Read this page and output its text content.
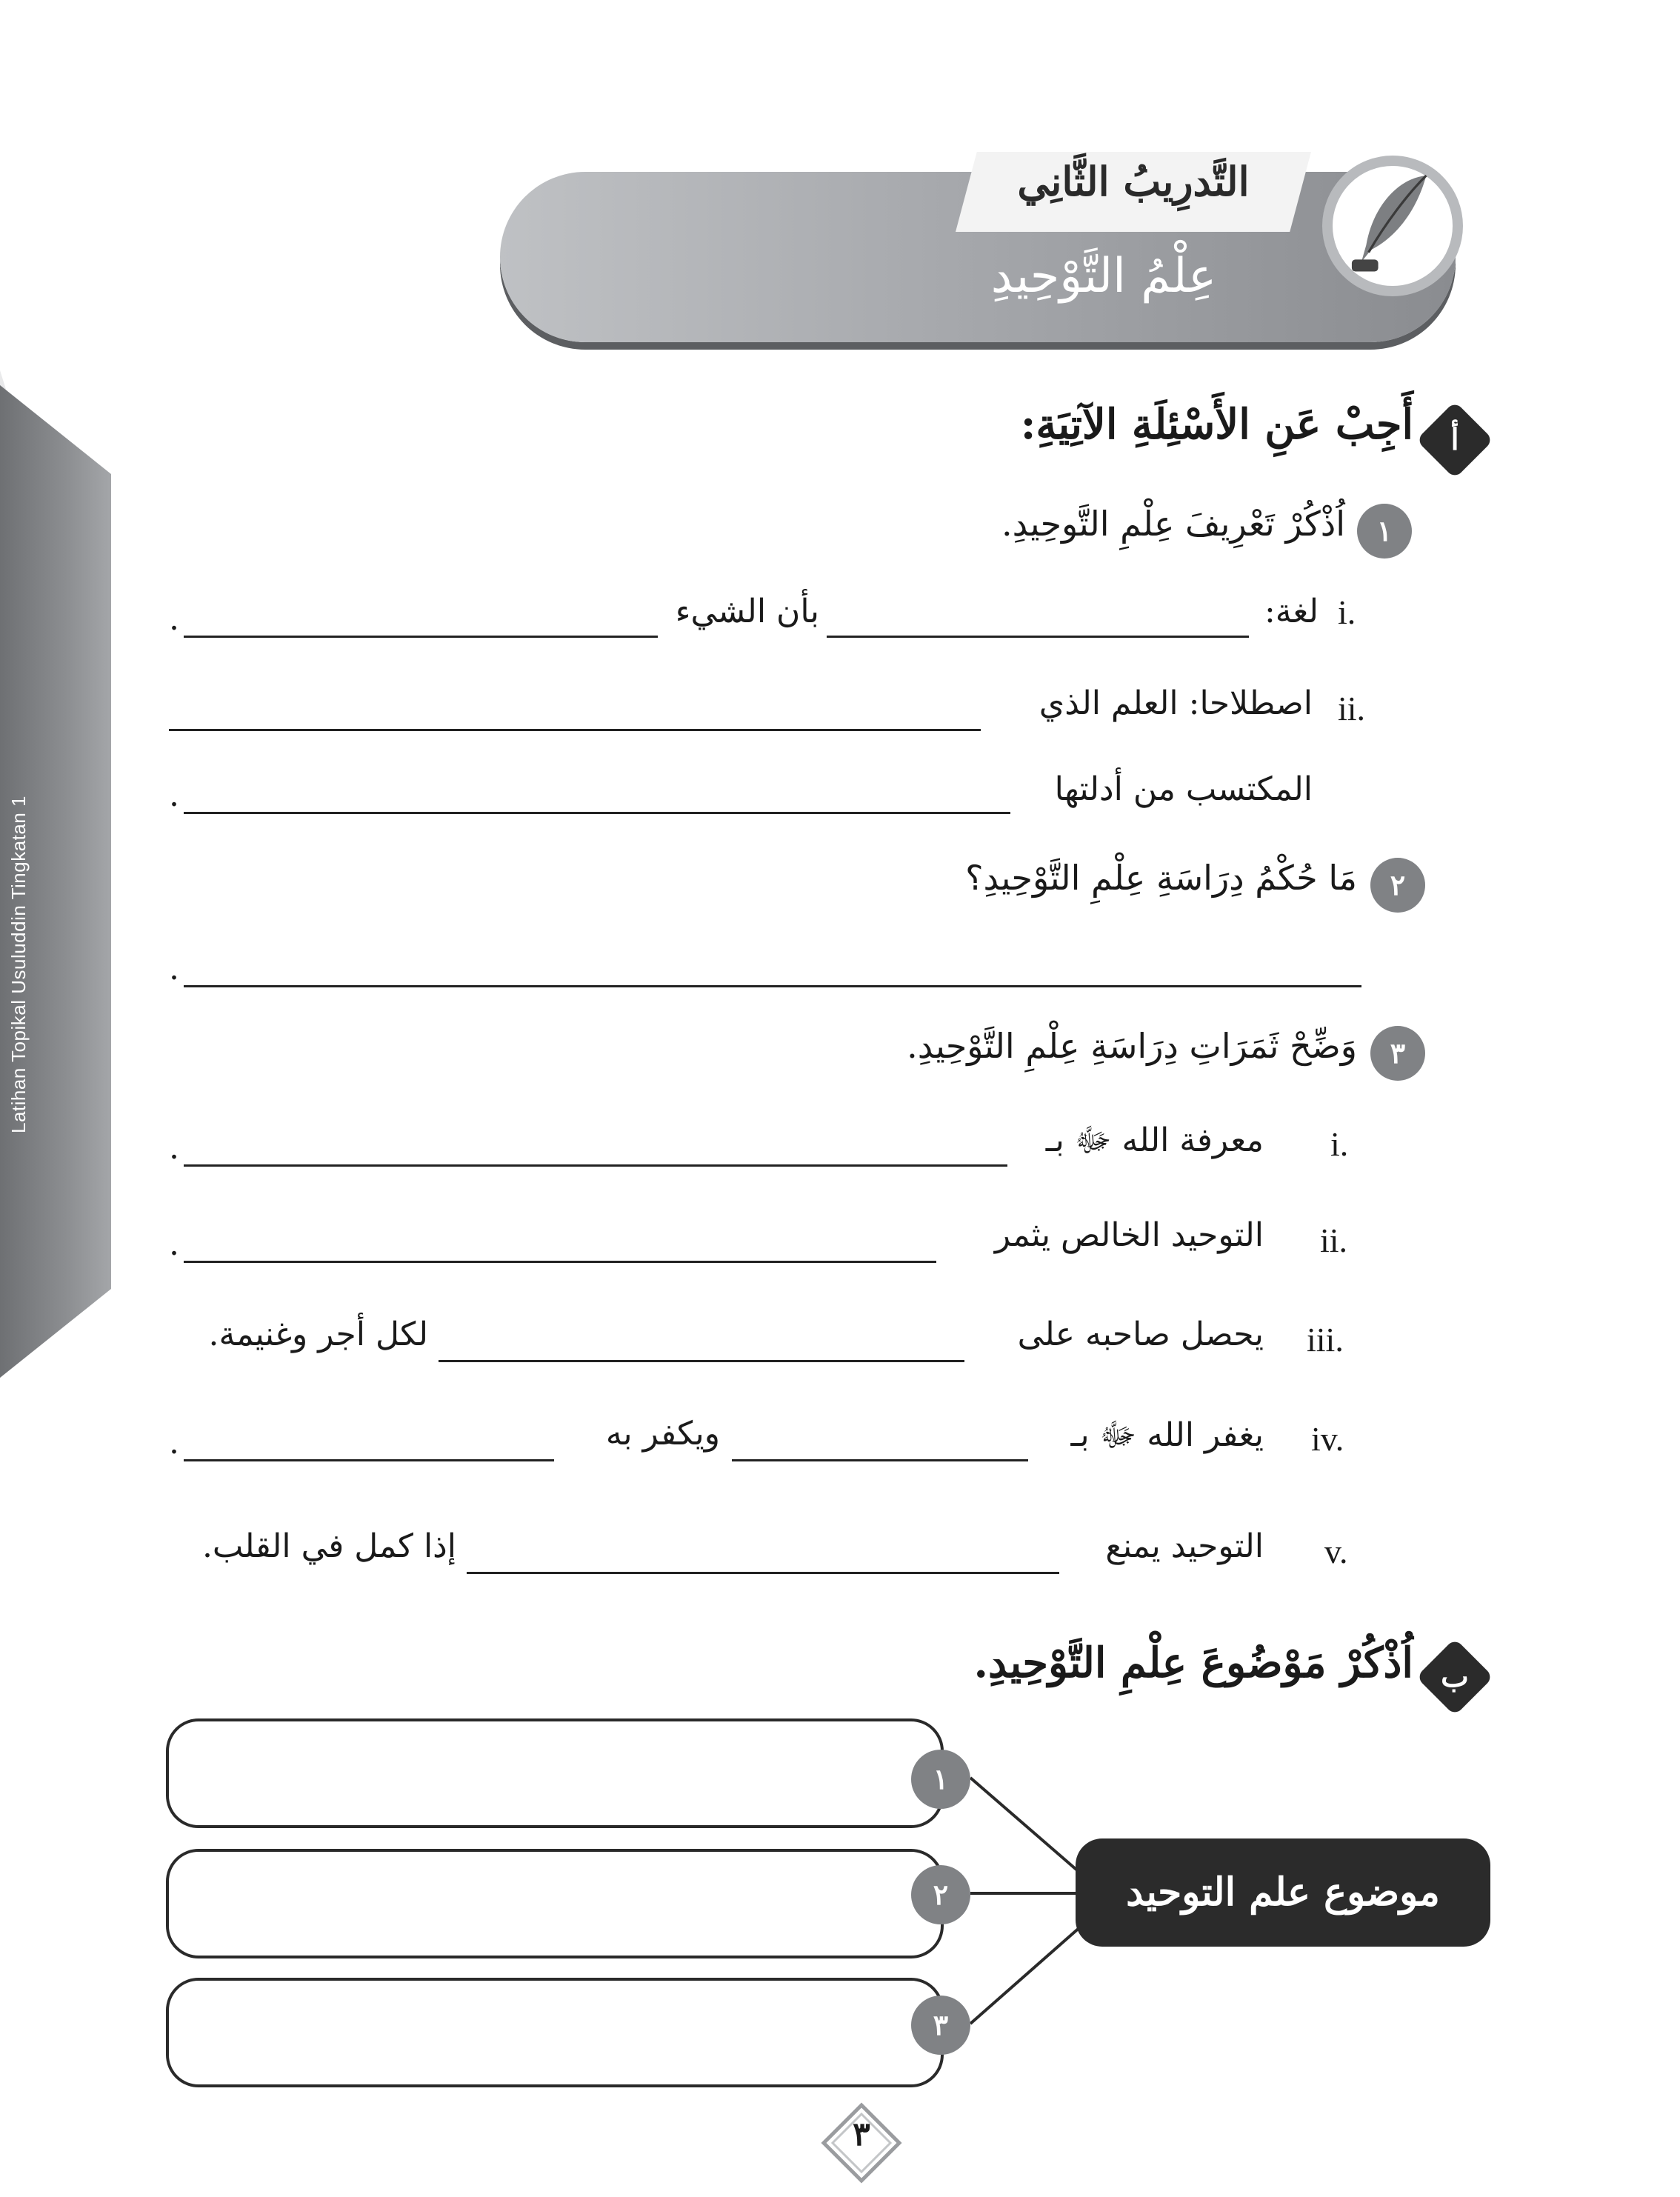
Latihan Topikal Usuluddin Tingkatan 1
التَّدرِيبُ الثَّانِي
عِلْمُ التَّوْحِيدِ
أ
أَجِبْ عَنِ الأَسْئِلَةِ الآتِيَةِ:
١
اُذْكُرْ تَعْرِيفَ عِلْمِ التَّوحِيدِ.
i.
لغة:
بأن الشيء
.
ii.
اصطلاحا: العلم الذي
المكتسب من أدلتها
.
٢
مَا حُكْمُ دِرَاسَةِ عِلْمِ التَّوْحِيدِ؟
.
٣
وَضِّحْ ثَمَرَاتِ دِرَاسَةِ عِلْمِ التَّوْحِيدِ.
i.
معرفة الله ﷻ بـ
.
ii.
التوحيد الخالص يثمر
.
iii.
يحصل صاحبه على
لكل أجر وغنيمة.
iv.
يغفر الله ﷻ بـ
ويكفر به
.
v.
التوحيد يمنع
إذا كمل في القلب.
ب
اُذْكُرْ مَوْضُوعَ عِلْمِ التَّوْحِيدِ.
١
٢
٣
موضوع علم التوحيد
٣
